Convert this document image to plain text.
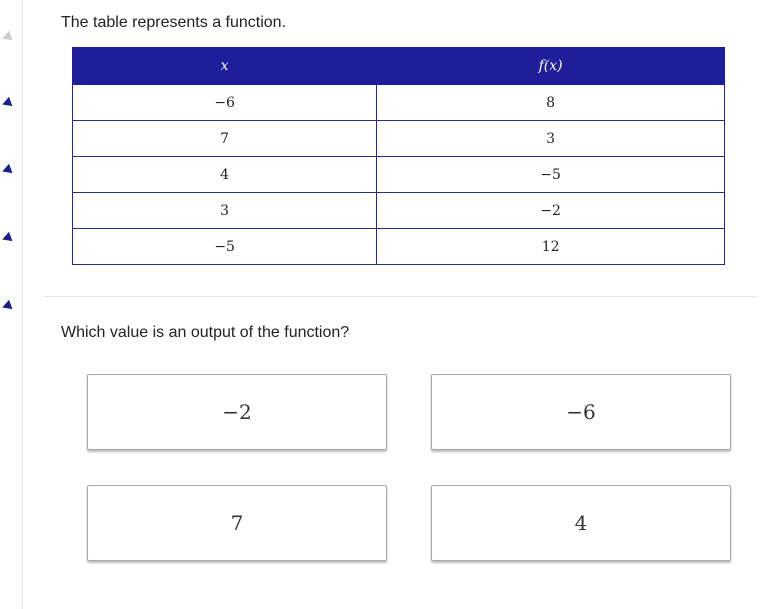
The table represents a function.
x	f(x)
−6	8
7	3
4	−5
3	−2
−5	12
Which value is an output of the function?
−2	−6
7	4
